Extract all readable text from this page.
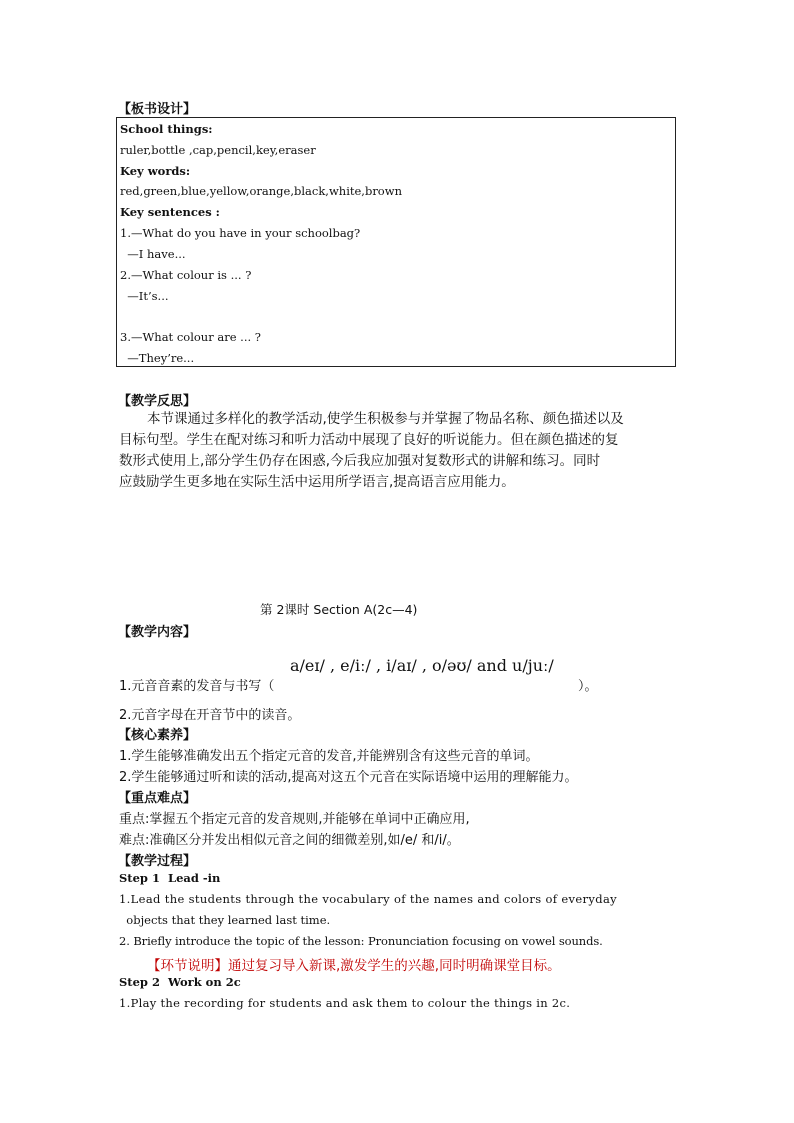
【板书设计】
School things:
ruler,bottle ,cap,pencil,key,eraser
Key words:
red,green,blue,yellow,orange,black,white,brown
Key sentences :
1.—What do you have in your schoolbag?
—I have...
2.—What colour is ... ?
—It’s...
3.—What colour are ... ?
—They’re...
【教学反思】
本节课通过多样化的教学活动,使学生积极参与并掌握了物品名称、颜色描述以及
目标句型。学生在配对练习和听力活动中展现了良好的听说能力。但在颜色描述的复
数形式使用上,部分学生仍存在困惑,今后我应加强对复数形式的讲解和练习。同时
应鼓励学生更多地在实际生活中运用所学语言,提高语言应用能力。
第 2课时 Section A(2c—4)
【教学内容】
1.元音音素的发音与书写（
a/eɪ/ , e/iː/ , i/aɪ/ , o/əʊ/ and u/juː/
）。
2.元音字母在开音节中的读音。
【核心素养】
1.学生能够准确发出五个指定元音的发音,并能辨别含有这些元音的单词。
2.学生能够通过听和读的活动,提高对这五个元音在实际语境中运用的理解能力。
【重点难点】
重点:掌握五个指定元音的发音规则,并能够在单词中正确应用,
难点:准确区分并发出相似元音之间的细微差别,如/e/ 和/i/。
【教学过程】
Step 1  Lead -in
1.Lead the students through the vocabulary of the names and colors of everyday
objects that they learned last time.
2. Briefly introduce the topic of the lesson: Pronunciation focusing on vowel sounds.
【环节说明】通过复习导入新课,激发学生的兴趣,同时明确课堂目标。
Step 2  Work on 2c
1.Play the recording for students and ask them to colour the things in 2c.
